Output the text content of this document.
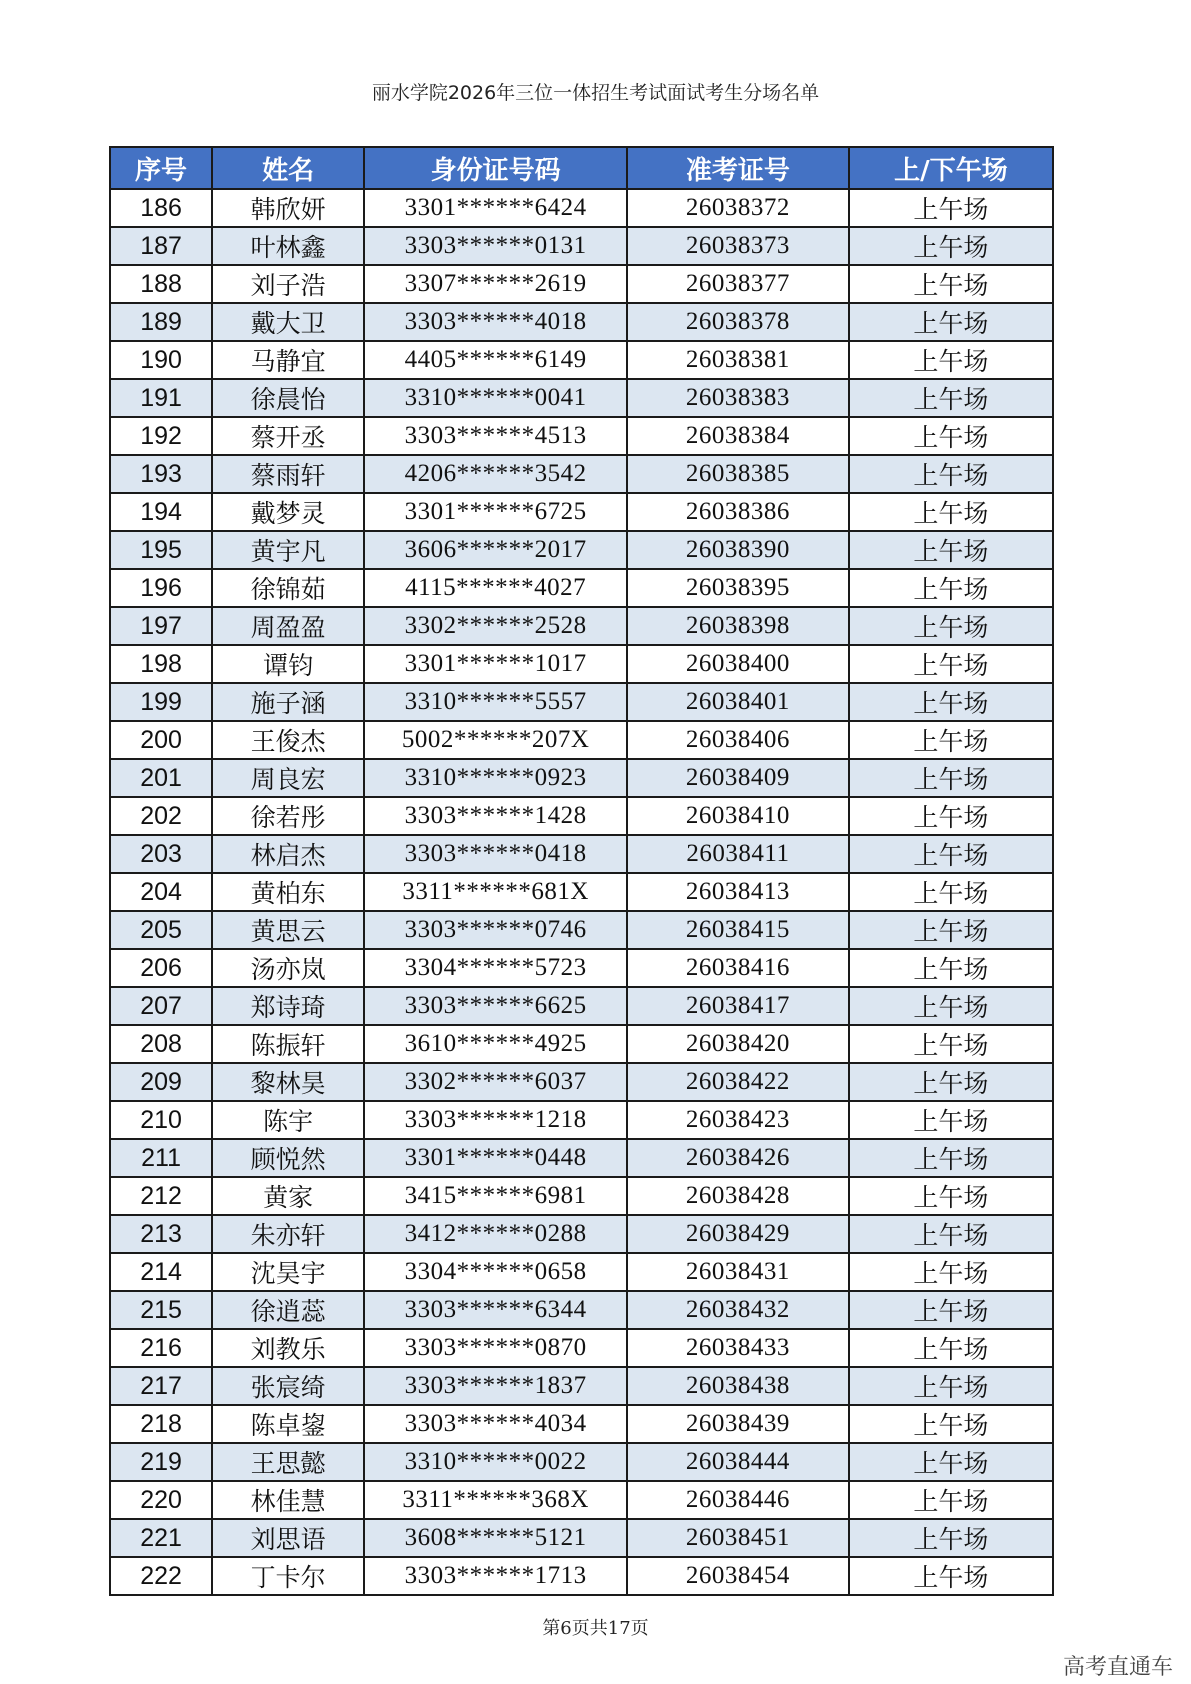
丽水学院2026年三位一体招生考试面试考生分场名单
序号	姓名	身份证号码	准考证号	上/下午场
186	韩欣妍	3301******6424	26038372	上午场
187	叶林鑫	3303******0131	26038373	上午场
188	刘子浩	3307******2619	26038377	上午场
189	戴大卫	3303******4018	26038378	上午场
190	马静宜	4405******6149	26038381	上午场
191	徐晨怡	3310******0041	26038383	上午场
192	蔡开丞	3303******4513	26038384	上午场
193	蔡雨轩	4206******3542	26038385	上午场
194	戴梦灵	3301******6725	26038386	上午场
195	黄宇凡	3606******2017	26038390	上午场
196	徐锦茹	4115******4027	26038395	上午场
197	周盈盈	3302******2528	26038398	上午场
198	谭钧	3301******1017	26038400	上午场
199	施子涵	3310******5557	26038401	上午场
200	王俊杰	5002******207X	26038406	上午场
201	周良宏	3310******0923	26038409	上午场
202	徐若彤	3303******1428	26038410	上午场
203	林启杰	3303******0418	26038411	上午场
204	黄柏东	3311******681X	26038413	上午场
205	黄思云	3303******0746	26038415	上午场
206	汤亦岚	3304******5723	26038416	上午场
207	郑诗琦	3303******6625	26038417	上午场
208	陈振轩	3610******4925	26038420	上午场
209	黎林昊	3302******6037	26038422	上午场
210	陈宇	3303******1218	26038423	上午场
211	顾悦然	3301******0448	26038426	上午场
212	黄家	3415******6981	26038428	上午场
213	朱亦轩	3412******0288	26038429	上午场
214	沈昊宇	3304******0658	26038431	上午场
215	徐逍蕊	3303******6344	26038432	上午场
216	刘教乐	3303******0870	26038433	上午场
217	张宸绮	3303******1837	26038438	上午场
218	陈卓鋆	3303******4034	26038439	上午场
219	王思懿	3310******0022	26038444	上午场
220	林佳慧	3311******368X	26038446	上午场
221	刘思语	3608******5121	26038451	上午场
222	丁卡尔	3303******1713	26038454	上午场
第6页共17页
高考直通车
